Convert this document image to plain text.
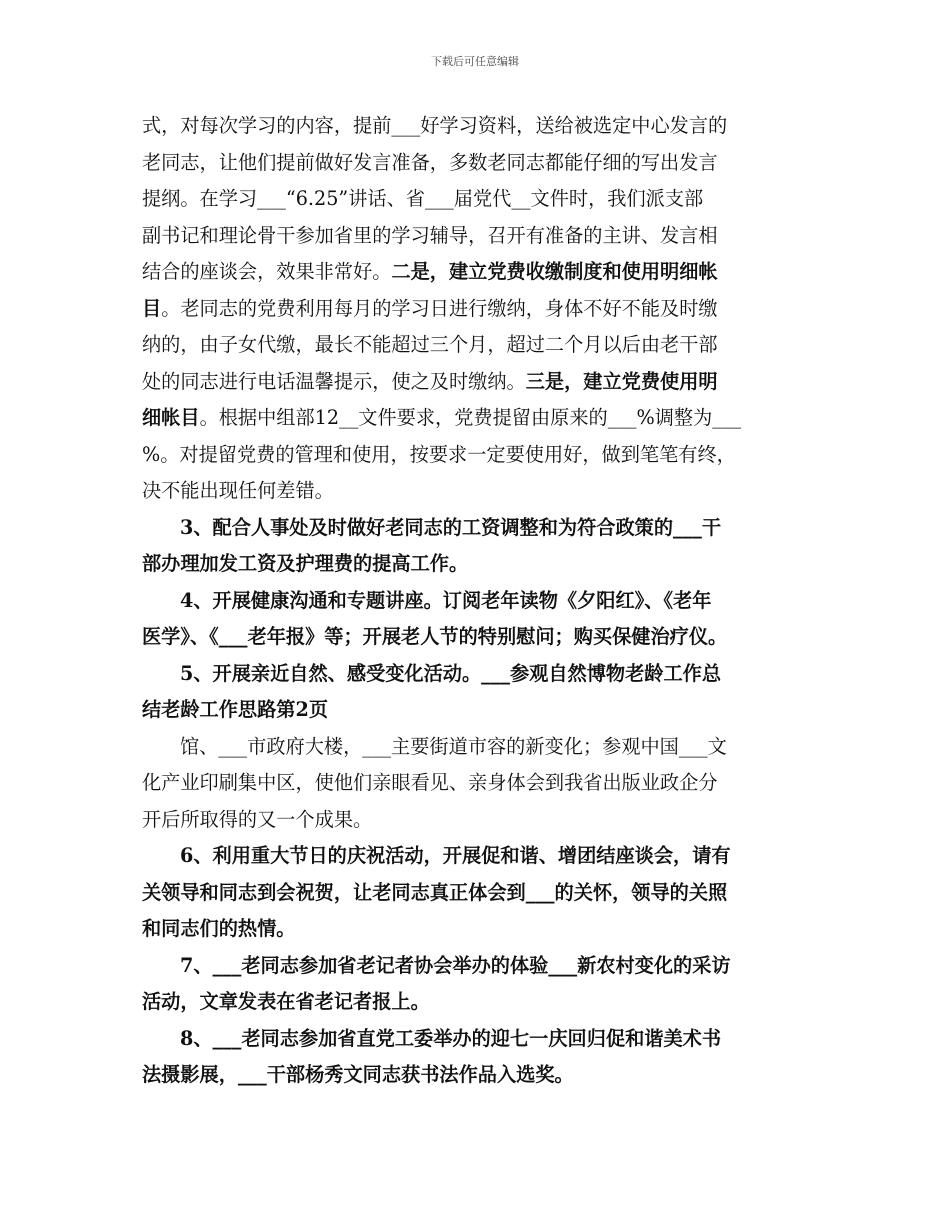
下载后可任意编辑
式，对每次学习的内容，提前___好学习资料，送给被选定中心发言的
老同志，让他们提前做好发言准备，多数老同志都能仔细的写出发言
提纲。在学习___“6.25”讲话、省___届党代__文件时，我们派支部
副书记和理论骨干参加省里的学习辅导，召开有准备的主讲、发言相
结合的座谈会，效果非常好。二是，建立党费收缴制度和使用明细帐
目。老同志的党费利用每月的学习日进行缴纳，身体不好不能及时缴
纳的，由子女代缴，最长不能超过三个月，超过二个月以后由老干部
处的同志进行电话温馨提示，使之及时缴纳。三是，建立党费使用明
细帐目。根据中组部12__文件要求，党费提留由原来的___%调整为___
%。对提留党费的管理和使用，按要求一定要使用好，做到笔笔有终，
决不能出现任何差错。
3、配合人事处及时做好老同志的工资调整和为符合政策的___干
部办理加发工资及护理费的提高工作。
4、开展健康沟通和专题讲座。订阅老年读物《夕阳红》、《老年
医学》、《___老年报》等；开展老人节的特别慰问；购买保健治疗仪。
5、开展亲近自然、感受变化活动。___参观自然博物老龄工作总
结老龄工作思路第2页
馆、___市政府大楼，___主要街道市容的新变化；参观中国___文
化产业印刷集中区，使他们亲眼看见、亲身体会到我省出版业政企分
开后所取得的又一个成果。
6、利用重大节日的庆祝活动，开展促和谐、增团结座谈会，请有
关领导和同志到会祝贺，让老同志真正体会到___的关怀，领导的关照
和同志们的热情。
7、___老同志参加省老记者协会举办的体验___新农村变化的采访
活动，文章发表在省老记者报上。
8、___老同志参加省直党工委举办的迎七一庆回归促和谐美术书
法摄影展，___干部杨秀文同志获书法作品入选奖。
